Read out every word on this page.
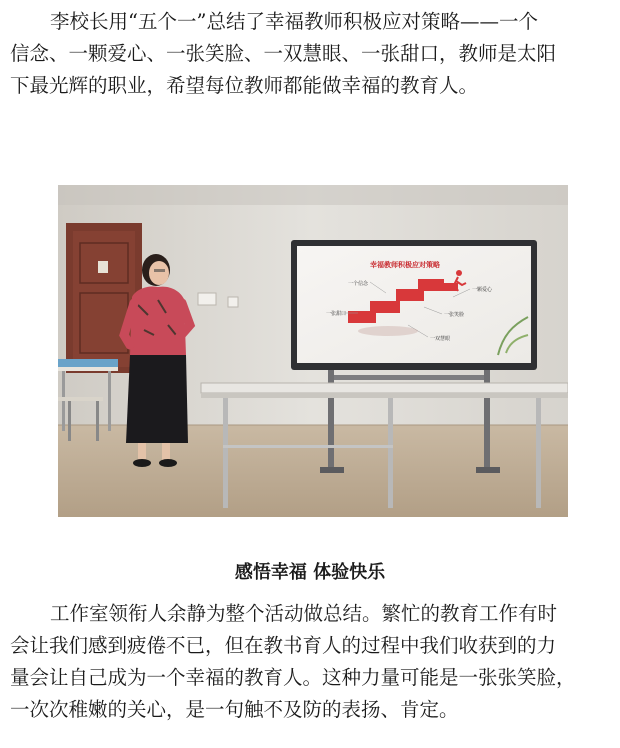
李校长用“五个一”总结了幸福教师积极应对策略——一个
信念、一颗爱心、一张笑脸、一双慧眼、一张甜口，教师是太阳
下最光辉的职业，希望每位教师都能做幸福的教育人。

幸福教师积极应对策略
一个信念
一颗爱心
一张甜口	一张笑脸
一双慧眼
感悟幸福 体验快乐

工作室领衔人余静为整个活动做总结。繁忙的教育工作有时
会让我们感到疲倦不已，但在教书育人的过程中我们收获到的力
量会让自己成为一个幸福的教育人。这种力量可能是一张张笑脸，
一次次稚嫩的关心，是一句触不及防的表扬、肯定。
